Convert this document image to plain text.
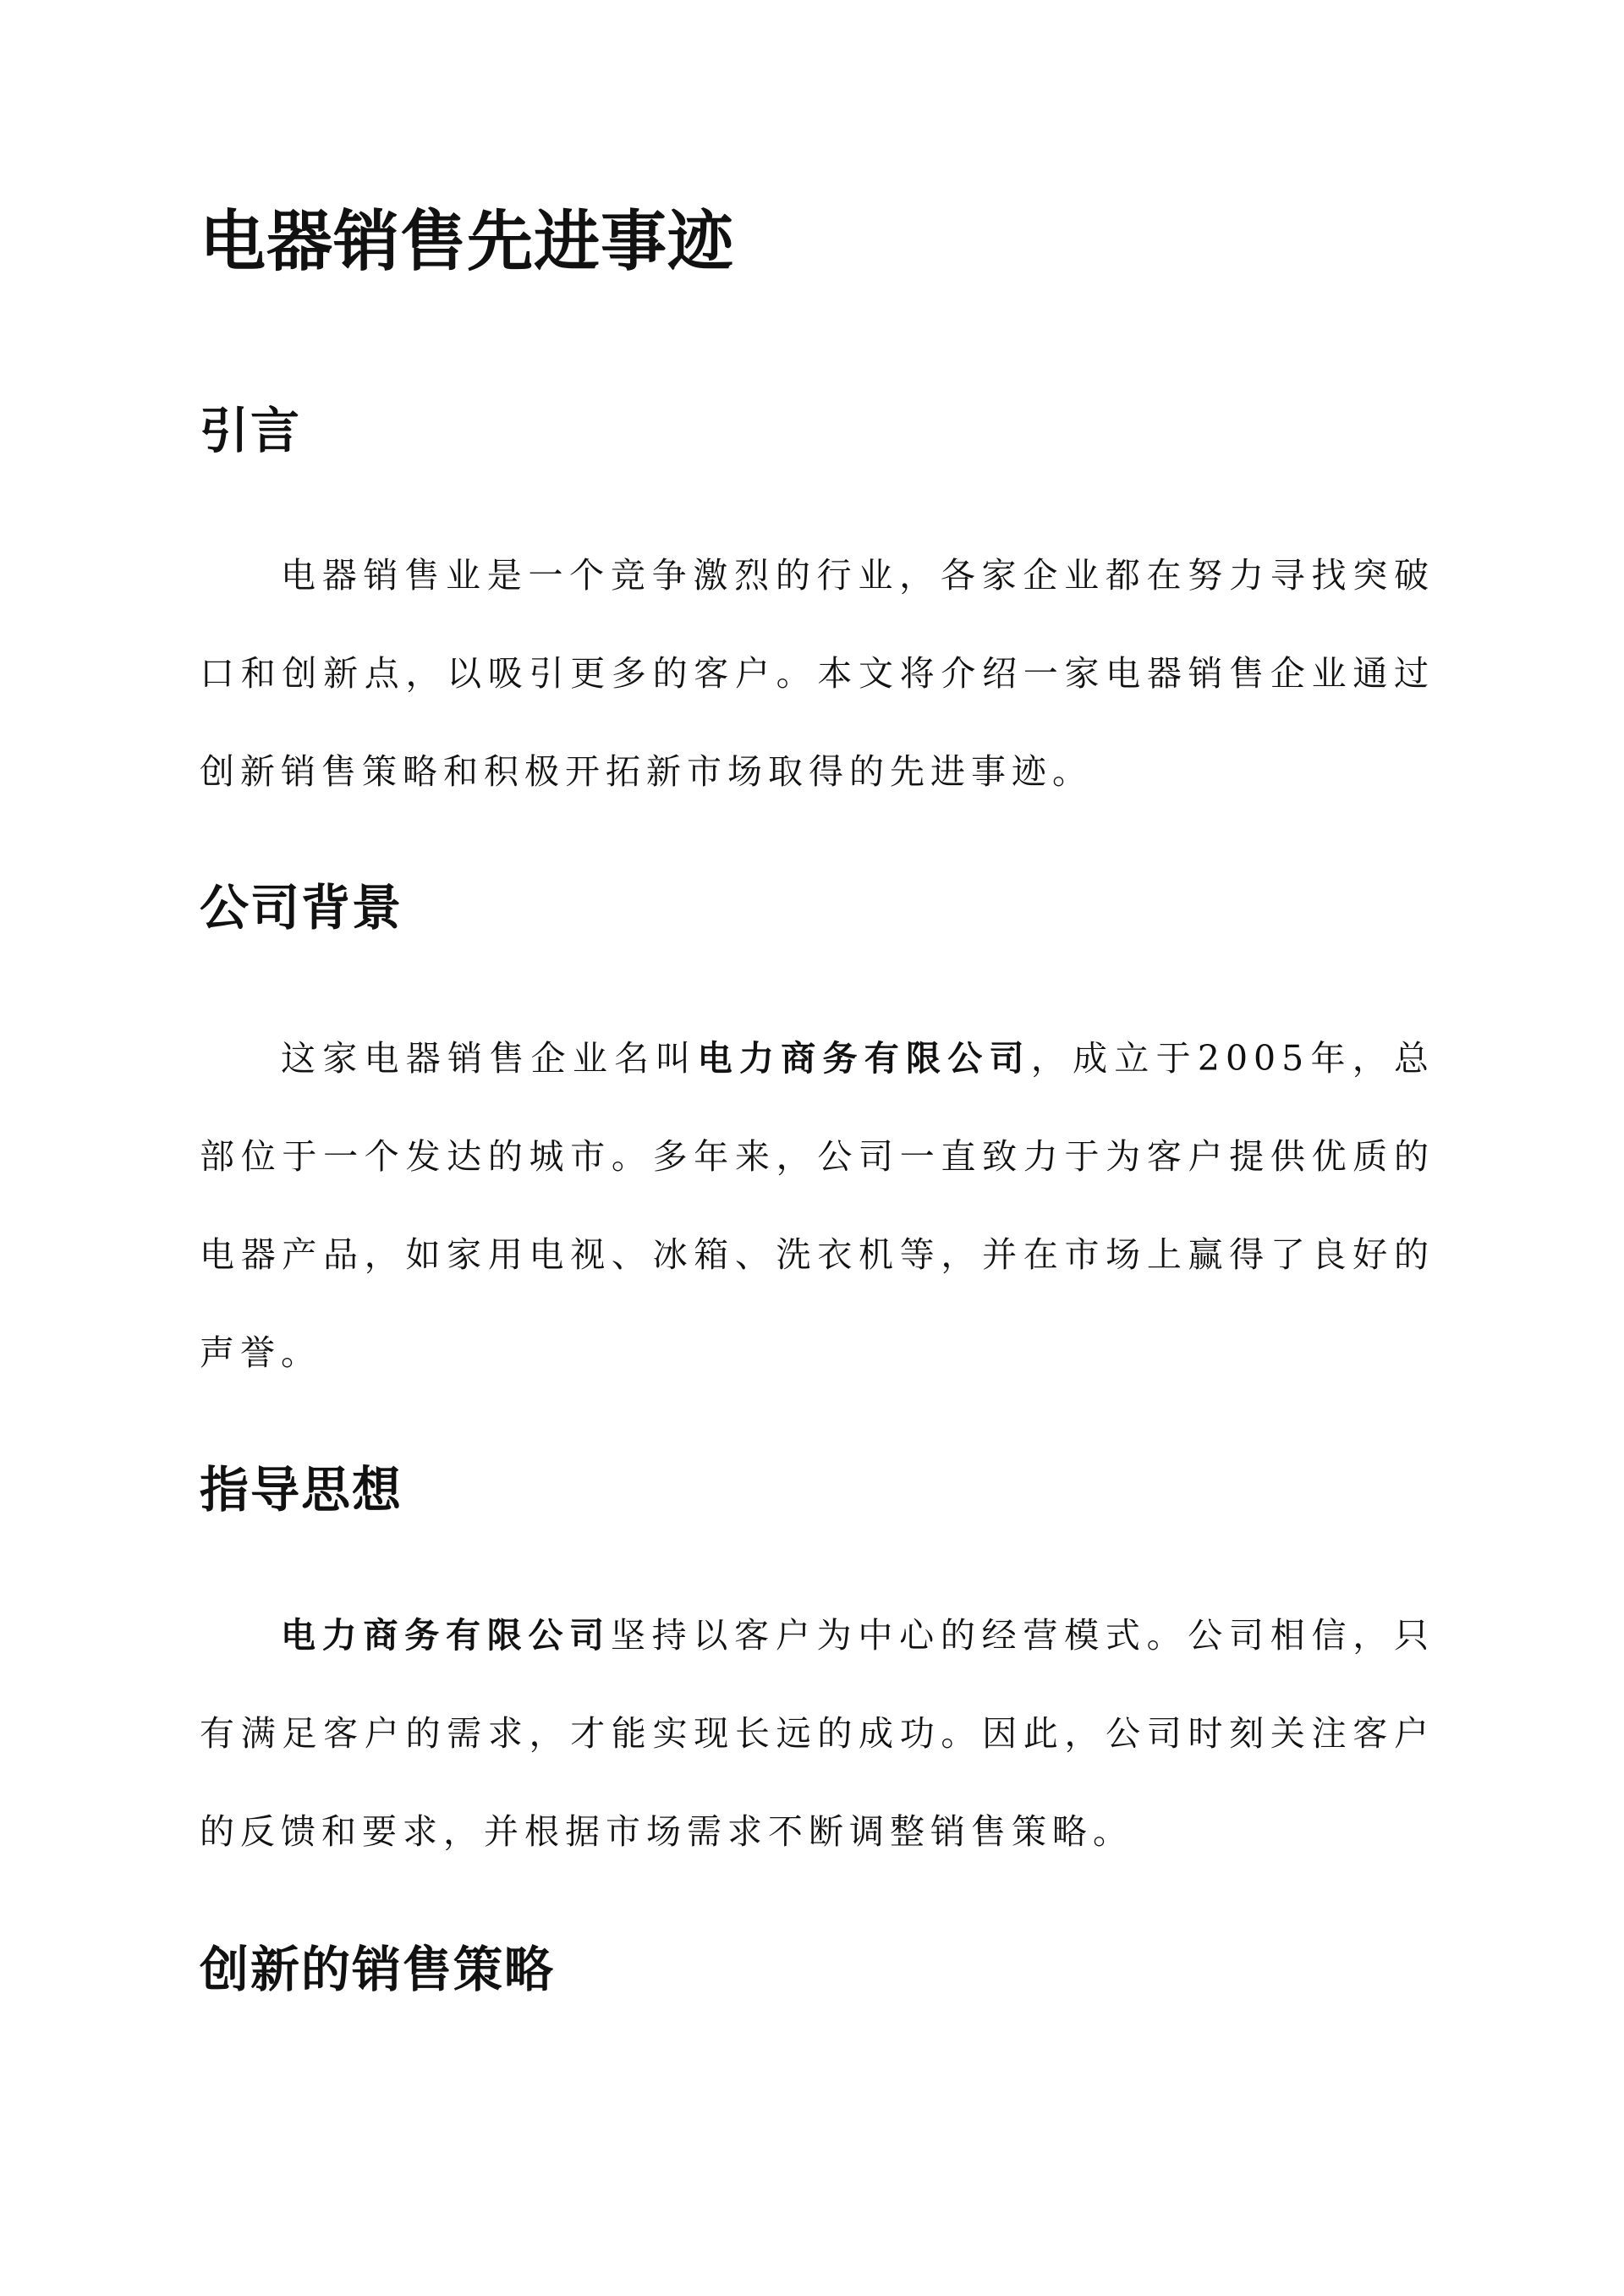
电器销售先进事迹
引言

电器销售业是一个竞争激烈的行业，各家企业都在努力寻找突破口和创新点，以吸引更多的客户。本文将介绍一家电器销售企业通过创新销售策略和积极开拓新市场取得的先进事迹。

公司背景

这家电器销售企业名叫电力商务有限公司，成立于2005年，总部位于一个发达的城市。多年来，公司一直致力于为客户提供优质的电器产品，如家用电视、冰箱、洗衣机等，并在市场上赢得了良好的声誉。

指导思想

电力商务有限公司坚持以客户为中心的经营模式。公司相信，只有满足客户的需求，才能实现长远的成功。因此，公司时刻关注客户的反馈和要求，并根据市场需求不断调整销售策略。

创新的销售策略
